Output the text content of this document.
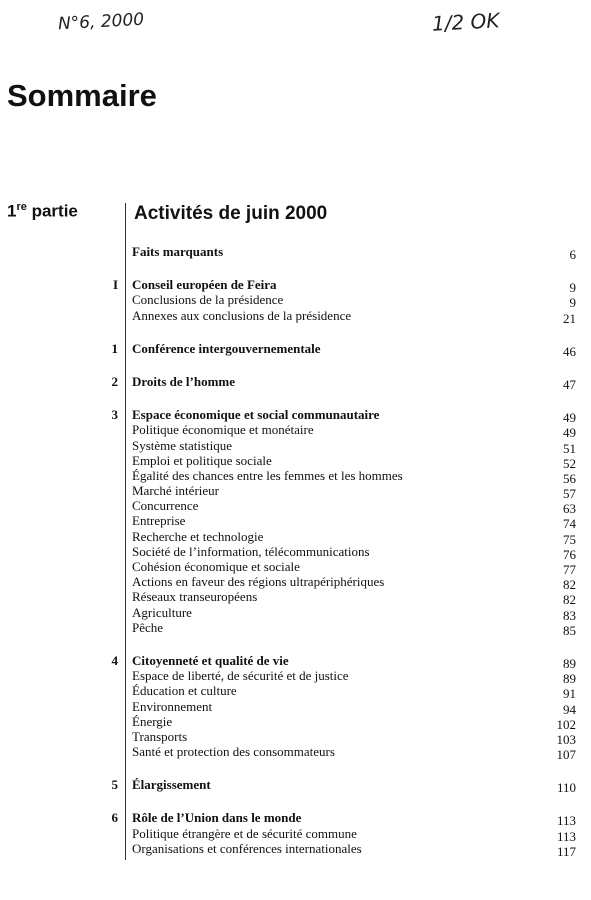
N°6, 2000	1/2 OK
Sommaire
1re partie	Activités de juin 2000
Faits marquants	6
I Conseil européen de Feira	9
Conclusions de la présidence	9
Annexes aux conclusions de la présidence	21
1 Conférence intergouvernementale	46
2 Droits de l’homme	47
3 Espace économique et social communautaire	49
Politique économique et monétaire	49
Système statistique	51
Emploi et politique sociale	52
Égalité des chances entre les femmes et les hommes	56
Marché intérieur	57
Concurrence	63
Entreprise	74
Recherche et technologie	75
Société de l’information, télécommunications	76
Cohésion économique et sociale	77
Actions en faveur des régions ultrapériphériques	82
Réseaux transeuropéens	82
Agriculture	83
Pêche	85
4 Citoyenneté et qualité de vie	89
Espace de liberté, de sécurité et de justice	89
Éducation et culture	91
Environnement	94
Énergie	102
Transports	103
Santé et protection des consommateurs	107
5 Élargissement	110
6 Rôle de l’Union dans le monde	113
Politique étrangère et de sécurité commune	113
Organisations et conférences internationales	117
